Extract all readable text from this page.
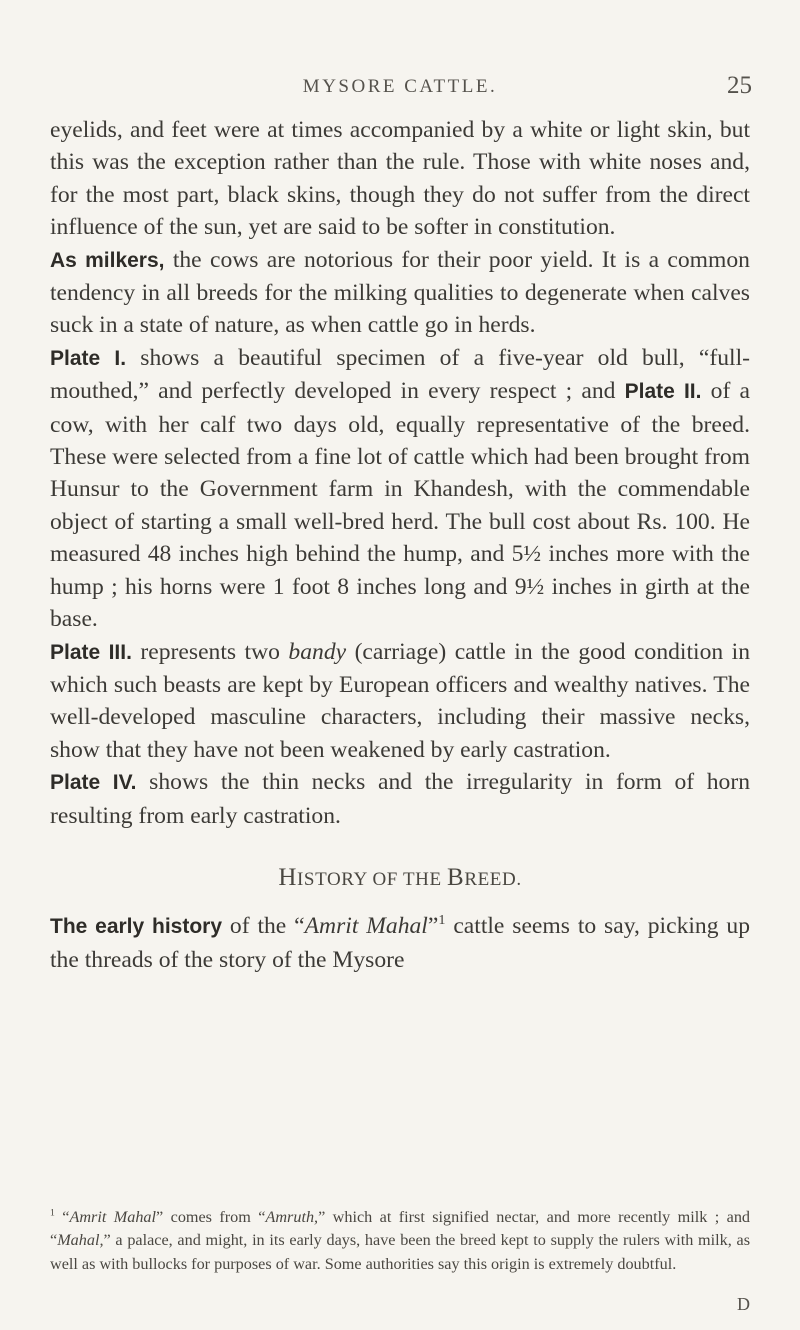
MYSORE CATTLE.	25

eyelids, and feet were at times accompanied by a white or light skin, but this was the exception rather than the rule. Those with white noses and, for the most part, black skins, though they do not suffer from the direct influence of the sun, yet are said to be softer in constitution.

As milkers, the cows are notorious for their poor yield. It is a common tendency in all breeds for the milking qualities to degenerate when calves suck in a state of nature, as when cattle go in herds.

Plate I. shows a beautiful specimen of a five-year old bull, “full-mouthed,” and perfectly developed in every respect ; and Plate II. of a cow, with her calf two days old, equally representative of the breed. These were selected from a fine lot of cattle which had been brought from Hunsur to the Government farm in Khandesh, with the commendable object of starting a small well-bred herd. The bull cost about Rs. 100. He measured 48 inches high behind the hump, and 5½ inches more with the hump ; his horns were 1 foot 8 inches long and 9½ inches in girth at the base.

Plate III. represents two bandy (carriage) cattle in the good condition in which such beasts are kept by European officers and wealthy natives. The well-developed masculine characters, including their massive necks, show that they have not been weakened by early castration.

Plate IV. shows the thin necks and the irregularity in form of horn resulting from early castration.

HISTORY OF THE BREED.

The early history of the “Amrit Mahal”$^1$ cattle seems to say, picking up the threads of the story of the Mysore

$^1$ “Amrit Mahal” comes from “Amruth,” which at first signified nectar, and more recently milk ; and “Mahal,” a palace, and might, in its early days, have been the breed kept to supply the rulers with milk, as well as with bullocks for purposes of war. Some authorities say this origin is extremely doubtful.

D
